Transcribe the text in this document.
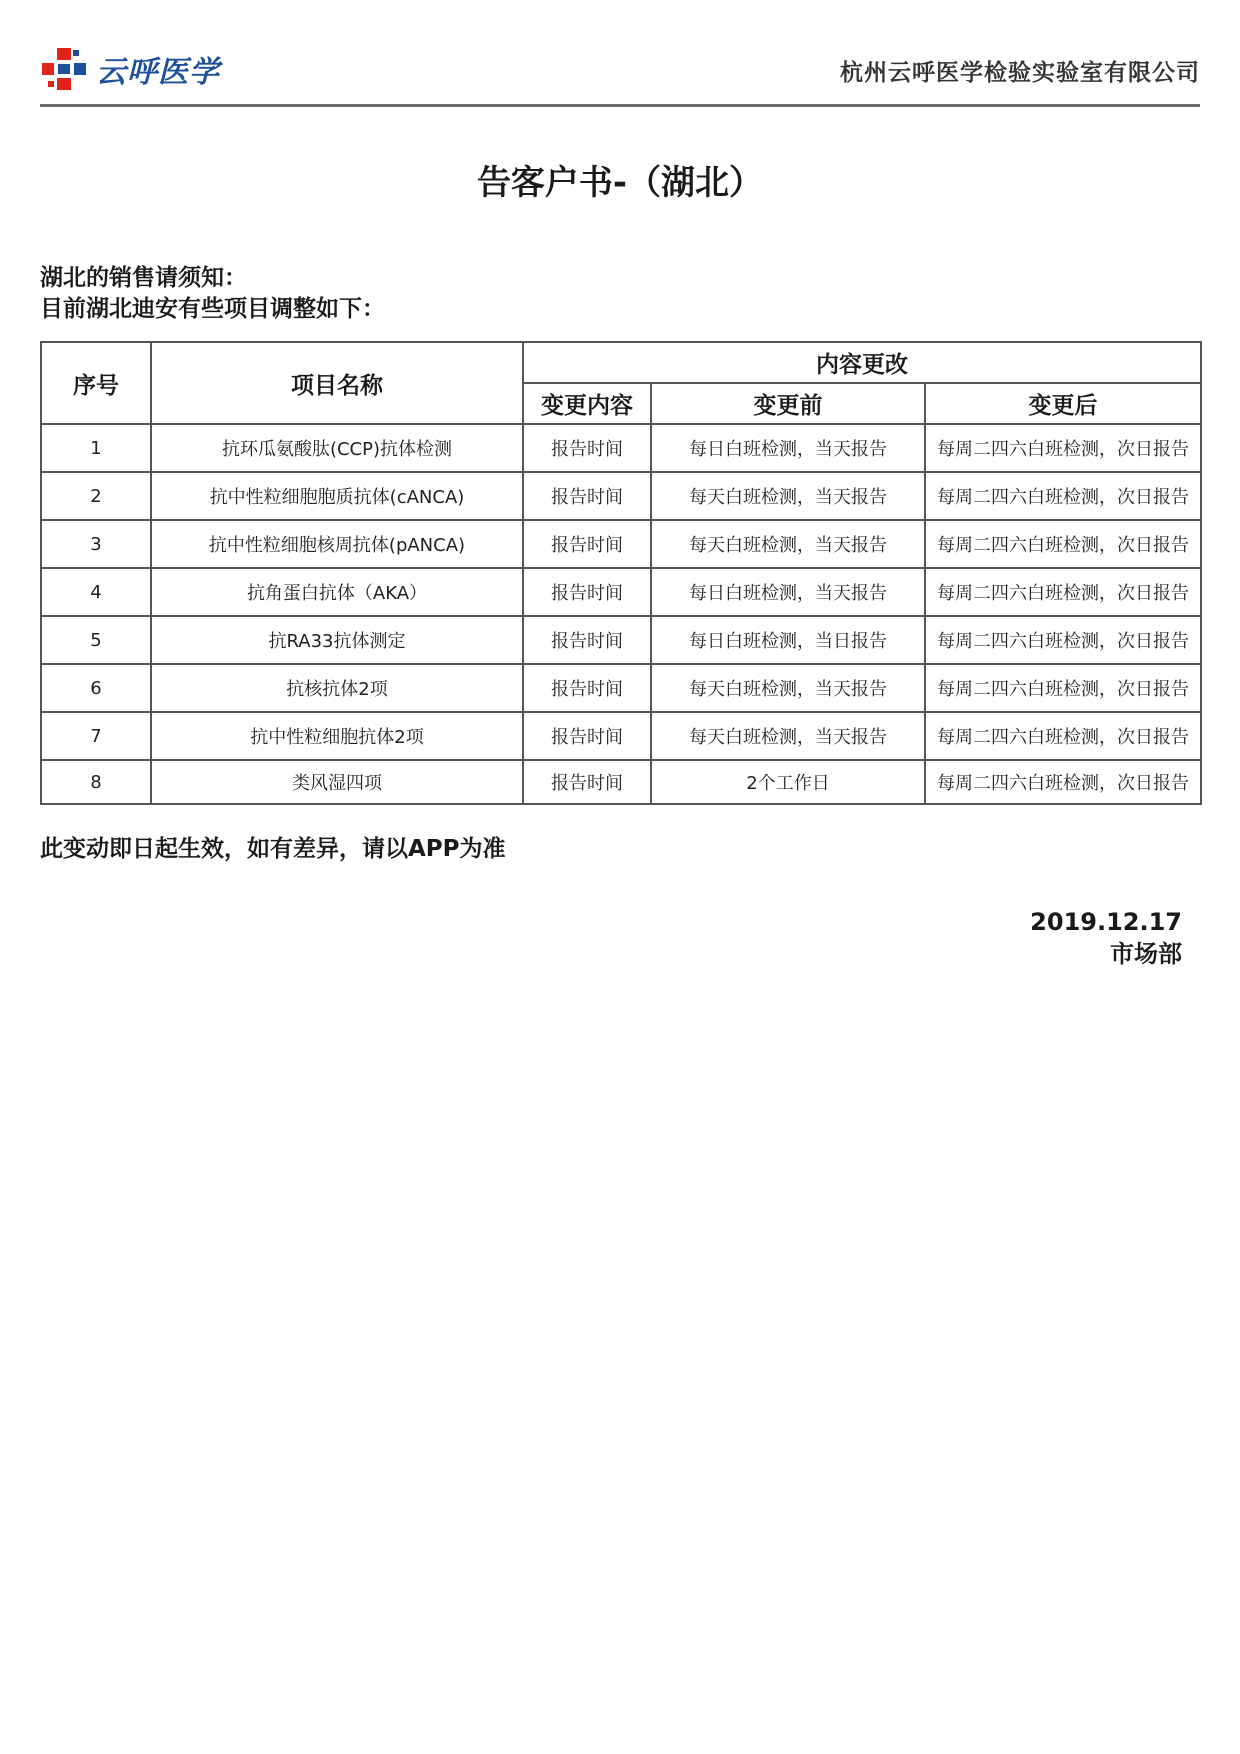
云呼医学	杭州云呼医学检验实验室有限公司
告客户书-（湖北）
湖北的销售请须知：
目前湖北迪安有些项目调整如下：
序号	项目名称	内容更改		
		变更内容	变更前	变更后
1	抗环瓜氨酸肽(CCP)抗体检测	报告时间	每日白班检测，当天报告	每周二四六白班检测，次日报告
2	抗中性粒细胞胞质抗体(cANCA)	报告时间	每天白班检测，当天报告	每周二四六白班检测，次日报告
3	抗中性粒细胞核周抗体(pANCA)	报告时间	每天白班检测，当天报告	每周二四六白班检测，次日报告
4	抗角蛋白抗体（AKA）	报告时间	每日白班检测，当天报告	每周二四六白班检测，次日报告
5	抗RA33抗体测定	报告时间	每日白班检测，当日报告	每周二四六白班检测，次日报告
6	抗核抗体2项	报告时间	每天白班检测，当天报告	每周二四六白班检测，次日报告
7	抗中性粒细胞抗体2项	报告时间	每天白班检测，当天报告	每周二四六白班检测，次日报告
8	类风湿四项	报告时间	2个工作日	每周二四六白班检测，次日报告
此变动即日起生效，如有差异，请以APP为准
2019.12.17
市场部
